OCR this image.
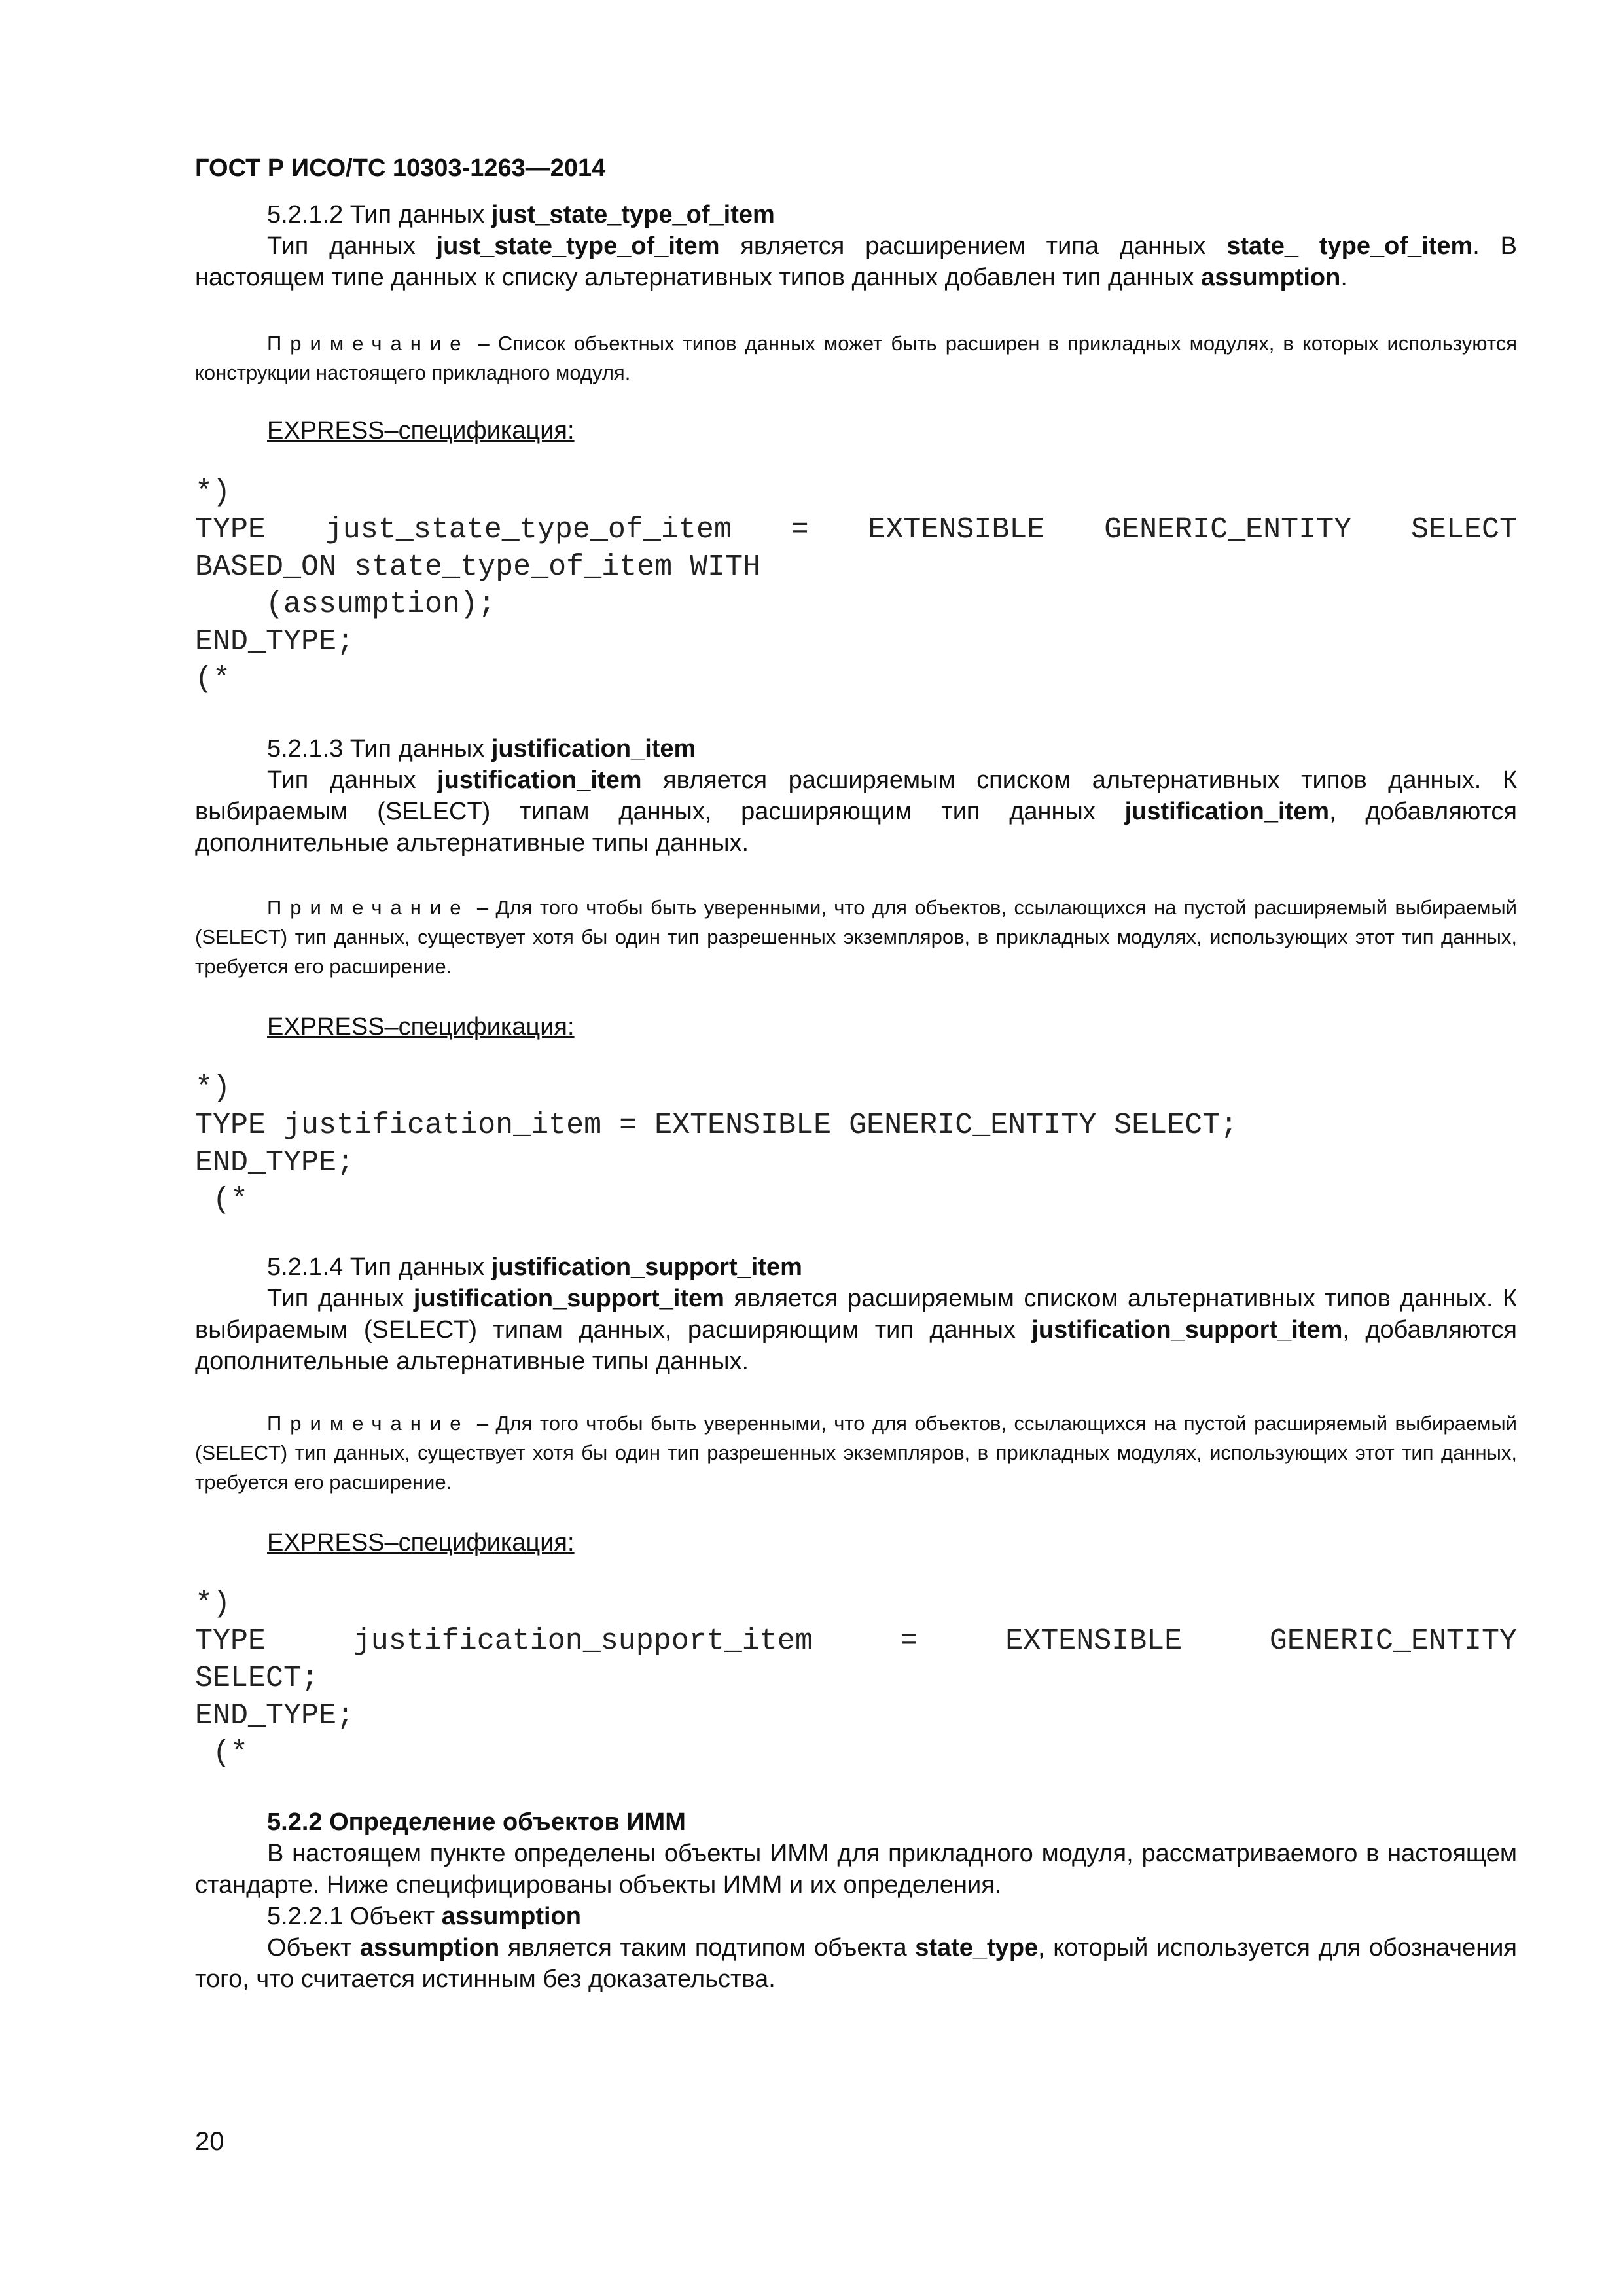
ГОСТ Р ИСО/ТС 10303-1263—2014

5.2.1.2 Тип данных just_state_type_of_item

Тип данных just_state_type_of_item является расширением типа данных state_ type_of_item. В настоящем типе данных к списку альтернативных типов данных добавлен тип данных assumption.

Примечание – Список объектных типов данных может быть расширен в прикладных модулях, в которых используются конструкции настоящего прикладного модуля.

EXPRESS–спецификация:
*)
TYPE just_state_type_of_item = EXTENSIBLE GENERIC_ENTITY SELECT
BASED_ON state_type_of_item WITH
(assumption);
END_TYPE;
(*

5.2.1.3 Тип данных justification_item

Тип данных justification_item является расширяемым списком альтернативных типов данных. К выбираемым (SELECT) типам данных, расширяющим тип данных justification_item, добавляются дополнительные альтернативные типы данных.

Примечание – Для того чтобы быть уверенными, что для объектов, ссылающихся на пустой расширяемый выбираемый (SELECT) тип данных, существует хотя бы один тип разрешенных экземпляров, в прикладных модулях, использующих этот тип данных, требуется его расширение.

EXPRESS–спецификация:
*)
TYPE justification_item = EXTENSIBLE GENERIC_ENTITY SELECT;
END_TYPE;
(*

5.2.1.4 Тип данных justification_support_item

Тип данных justification_support_item является расширяемым списком альтернативных типов данных. К выбираемым (SELECT) типам данных, расширяющим тип данных justification_support_item, добавляются дополнительные альтернативные типы данных.

Примечание – Для того чтобы быть уверенными, что для объектов, ссылающихся на пустой расширяемый выбираемый (SELECT) тип данных, существует хотя бы один тип разрешенных экземпляров, в прикладных модулях, использующих этот тип данных, требуется его расширение.

EXPRESS–спецификация:
*)
TYPE	justification_support_item	=	EXTENSIBLE	GENERIC_ENTITY
SELECT;
END_TYPE;
(*

5.2.2 Определение объектов ИММ

В настоящем пункте определены объекты ИММ для прикладного модуля, рассматриваемого в настоящем стандарте. Ниже специфицированы объекты ИММ и их определения.

5.2.2.1 Объект assumption

Объект assumption является таким подтипом объекта state_type, который используется для обозначения того, что считается истинным без доказательства.

20
